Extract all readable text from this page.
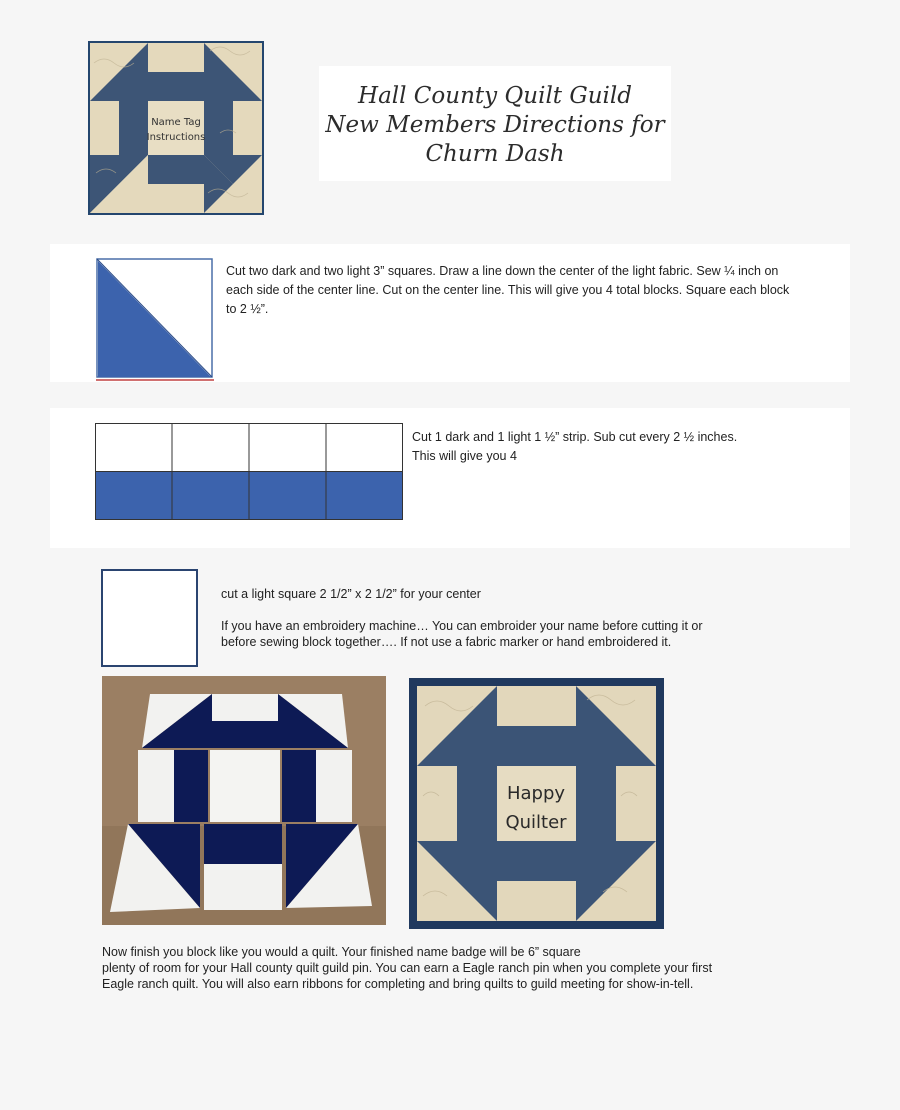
Name Tag
Instructions
Hall County Quilt Guild
New Members Directions for
Churn Dash
Cut two dark and two light 3” squares. Draw a line down the center of the light fabric. Sew ¼ inch on each side of the center line. Cut on the center line. This will give you 4 total blocks. Square each block to 2 ½”.
Cut 1 dark and 1 light 1 ½” strip. Sub cut every 2 ½ inches.
This will give you 4
cut a light square 2 1/2” x 2 1/2” for your center
If you have an embroidery machine… You can embroider your name before cutting it or
before sewing block together…. If not use a fabric marker or hand embroidered it.
Happy
Quilter
Now finish you block like you would a quilt. Your finished name badge will be 6” square
plenty of room for your Hall county quilt guild pin. You can earn a Eagle ranch pin when you complete your first
Eagle ranch quilt. You will also earn ribbons for completing and bring quilts to guild meeting for show-in-tell.
